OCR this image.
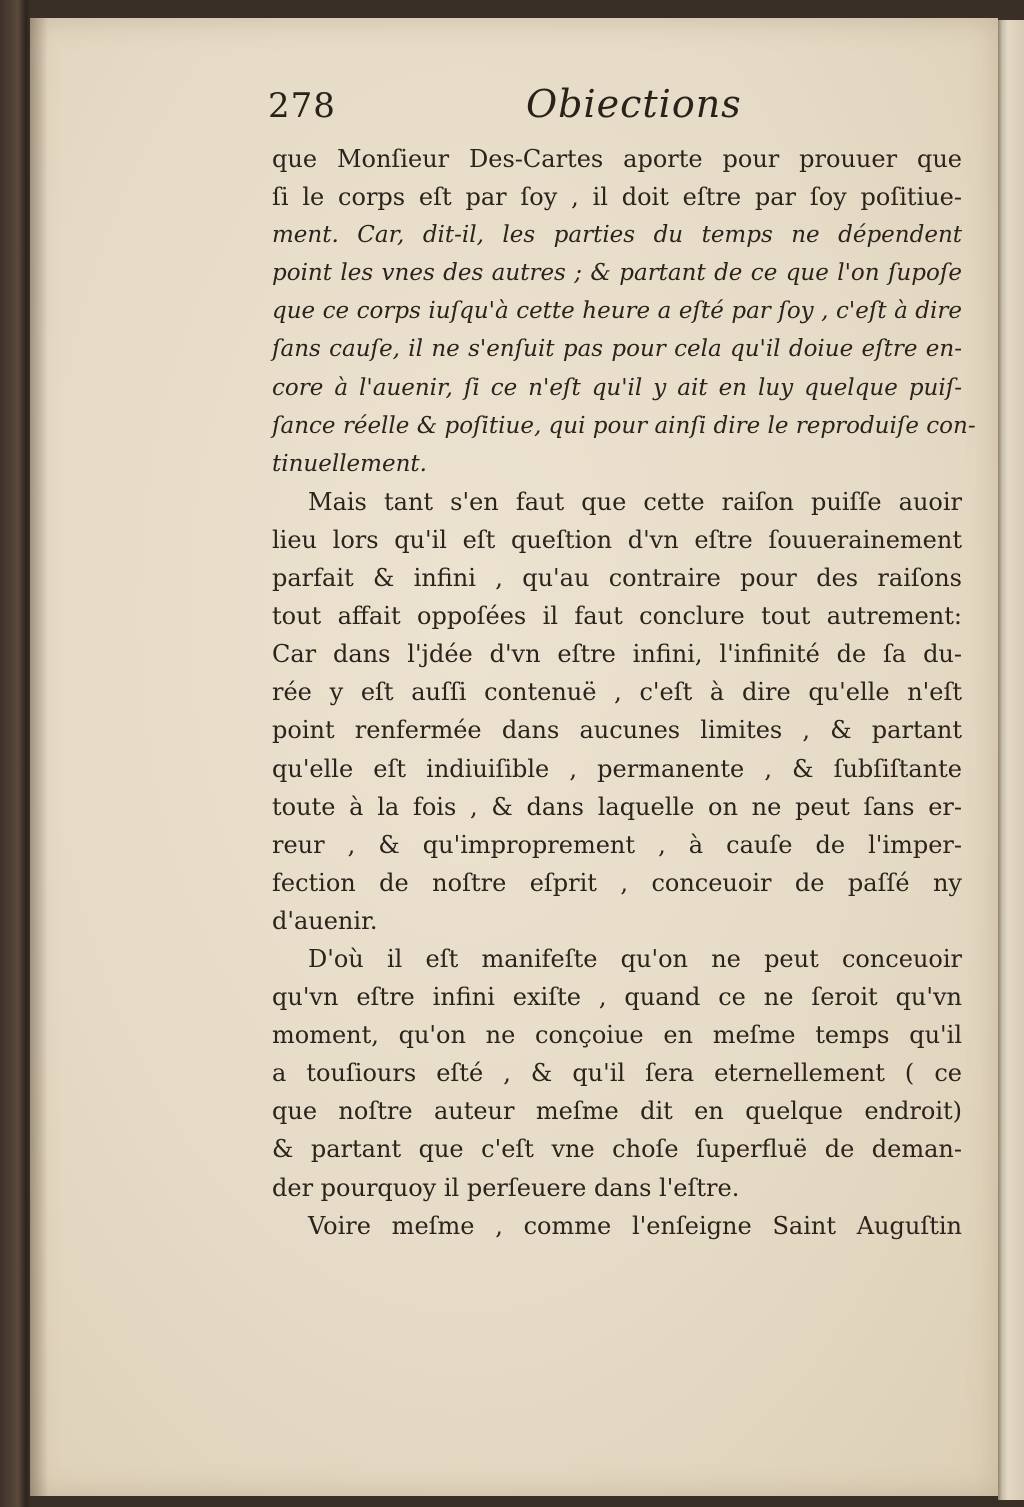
278	Obiections
que Monſieur Des-Cartes aporte pour prouuer que
ſi le corps eſt par ſoy , il doit eſtre par ſoy poſitiue-
ment. Car, dit-il, les parties du temps ne dépendent
point les vnes des autres ; & partant de ce que l'on ſupoſe
que ce corps iuſqu'à cette heure a eſté par ſoy , c'eſt à dire
ſans cauſe, il ne s'enſuit pas pour cela qu'il doiue eſtre en-
core à l'auenir, ſi ce n'eſt qu'il y ait en luy quelque puiſ-
ſance réelle & poſitiue, qui pour ainſi dire le reproduiſe con-
tinuellement.
Mais tant s'en faut que cette raiſon puiſſe auoir
lieu lors qu'il eſt queſtion d'vn eſtre ſouuerainement
parfait & infini , qu'au contraire pour des raiſons
tout affait oppoſées il faut conclure tout autrement:
Car dans l'jdée d'vn eſtre infini, l'infinité de ſa du-
rée y eſt auſſi contenuë , c'eſt à dire qu'elle n'eſt
point renfermée dans aucunes limites , & partant
qu'elle eſt indiuiſible , permanente , & ſubſiſtante
toute à la fois , & dans laquelle on ne peut ſans er-
reur , & qu'improprement , à cauſe de l'imper-
fection de noſtre eſprit , conceuoir de paſſé ny
d'auenir.
D'où il eſt manifeſte qu'on ne peut conceuoir
qu'vn eſtre infini exiſte , quand ce ne ſeroit qu'vn
moment, qu'on ne conçoiue en meſme temps qu'il
a touſiours eſté , & qu'il ſera eternellement ( ce
que noſtre auteur meſme dit en quelque endroit)
& partant que c'eſt vne choſe ſuperfluë de deman-
der pourquoy il perſeuere dans l'eſtre.
Voire meſme , comme l'enſeigne Saint Auguſtin
